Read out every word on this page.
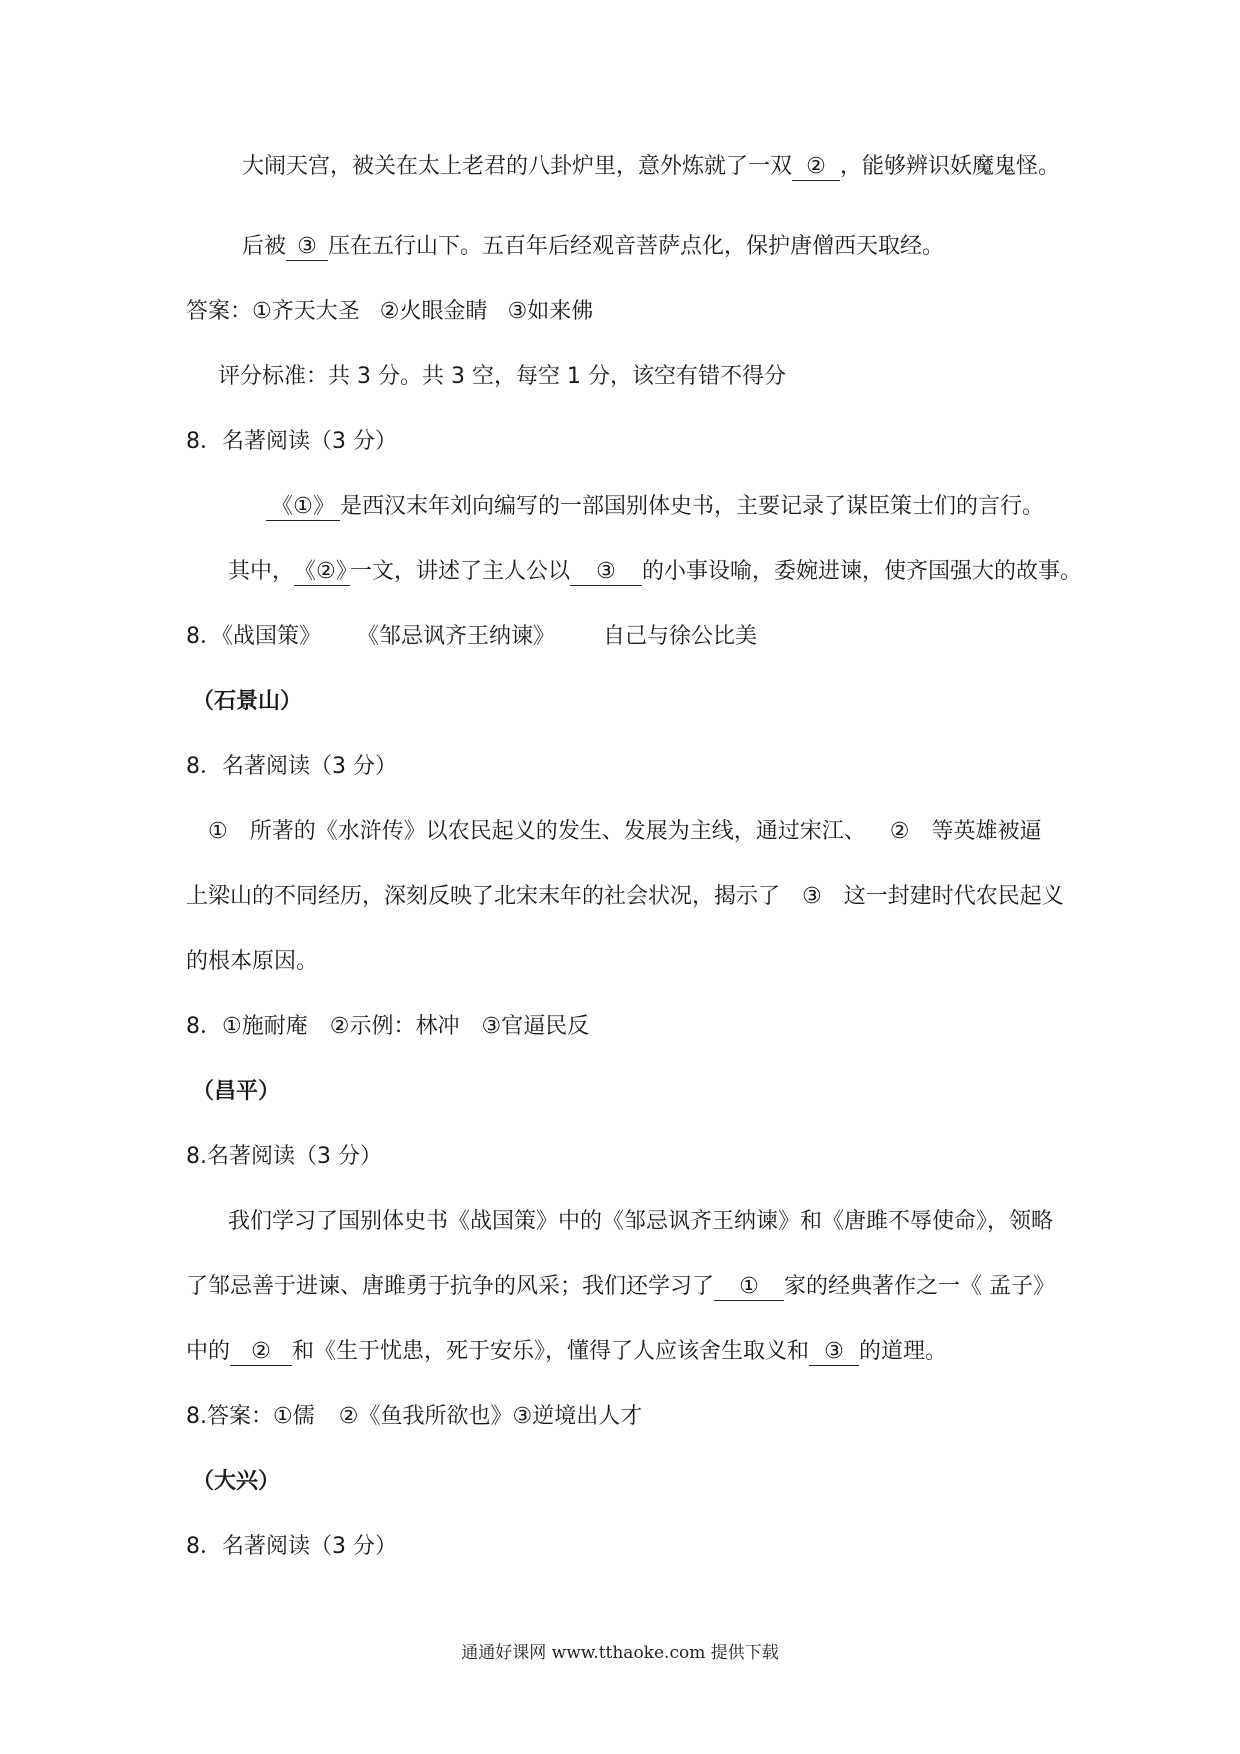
大闹天宫，被关在太上老君的八卦炉里，意外炼就了一双 ② ，能够辨识妖魔鬼怪。
后被 ③ 压在五行山下。五百年后经观音菩萨点化，保护唐僧西天取经。
答案：①齐天大圣 ②火眼金睛 ③如来佛
评分标准：共 3 分。共 3 空，每空 1 分，该空有错不得分
8．名著阅读（3 分）
《①》 是西汉末年刘向编写的一部国别体史书，主要记录了谋臣策士们的言行。
其中，《②》一文，讲述了主人公以 ③ 的小事设喻，委婉进谏，使齐国强大的故事。
8．《战国策》 《邹忌讽齐王纳谏》 自己与徐公比美
（石景山）
8．名著阅读（3 分）
① 所著的《水浒传》以农民起义的发生、发展为主线，通过宋江、 ② 等英雄被逼
上梁山的不同经历，深刻反映了北宋末年的社会状况，揭示了 ③ 这一封建时代农民起义
的根本原因。
8．①施耐庵 ②示例：林冲 ③官逼民反
（昌平）
8.名著阅读（3 分）
我们学习了国别体史书《战国策》中的《邹忌讽齐王纳谏》和《唐雎不辱使命》，领略
了邹忌善于进谏、唐雎勇于抗争的风采；我们还学习了 ① 家的经典著作之一《 孟子》
中的 ② 和《生于忧患，死于安乐》，懂得了人应该舍生取义和 ③ 的道理。
8.答案：①儒 ②《鱼我所欲也》③逆境出人才
（大兴）
8．名著阅读（3 分）
通通好课网 www.tthaoke.com 提供下载
